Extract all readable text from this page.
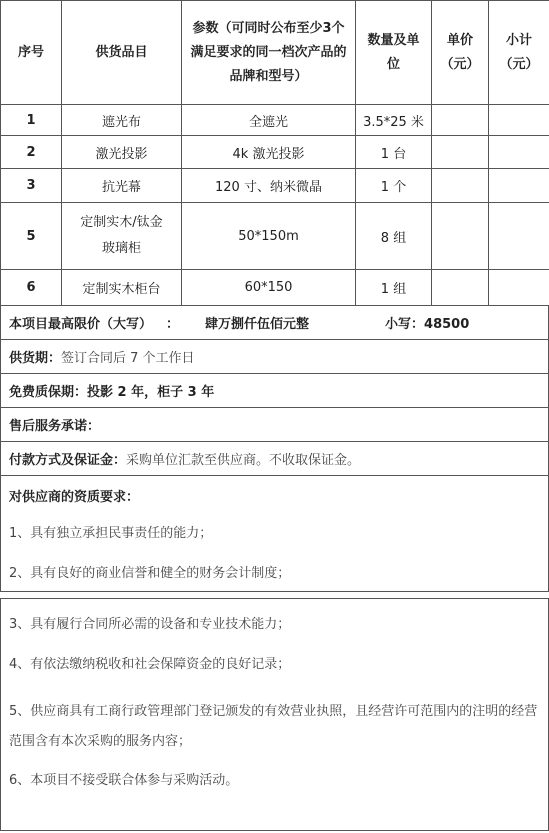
序号	供货品目	参数（可同时公布至少3个满足要求的同一档次产品的品牌和型号）	数量及单位	单价（元）	小计（元）
1	遮光布	全遮光	3.5*25 米		
2	激光投影	4k 激光投影	1 台		
3	抗光幕	120 寸、纳米微晶	1 个		
5	定制实木/钛金玻璃柜	50*150m	8 组		
6	定制实木柜台	60*150	1 组		
本项目最高限价（大写） ： 肆万捌仟伍佰元整	小写：48500
供货期： 签订合同后 7 个工作日
免费质保期：投影 2 年，柜子 3 年
售后服务承诺：
付款方式及保证金： 采购单位汇款至供应商。不收取保证金。
对供应商的资质要求：
1、具有独立承担民事责任的能力；
2、具有良好的商业信誉和健全的财务会计制度；
3、具有履行合同所必需的设备和专业技术能力；
4、有依法缴纳税收和社会保障资金的良好记录；
5、供应商具有工商行政管理部门登记颁发的有效营业执照，且经营许可范围内的注明的经营范围含有本次采购的服务内容；
6、本项目不接受联合体参与采购活动。
